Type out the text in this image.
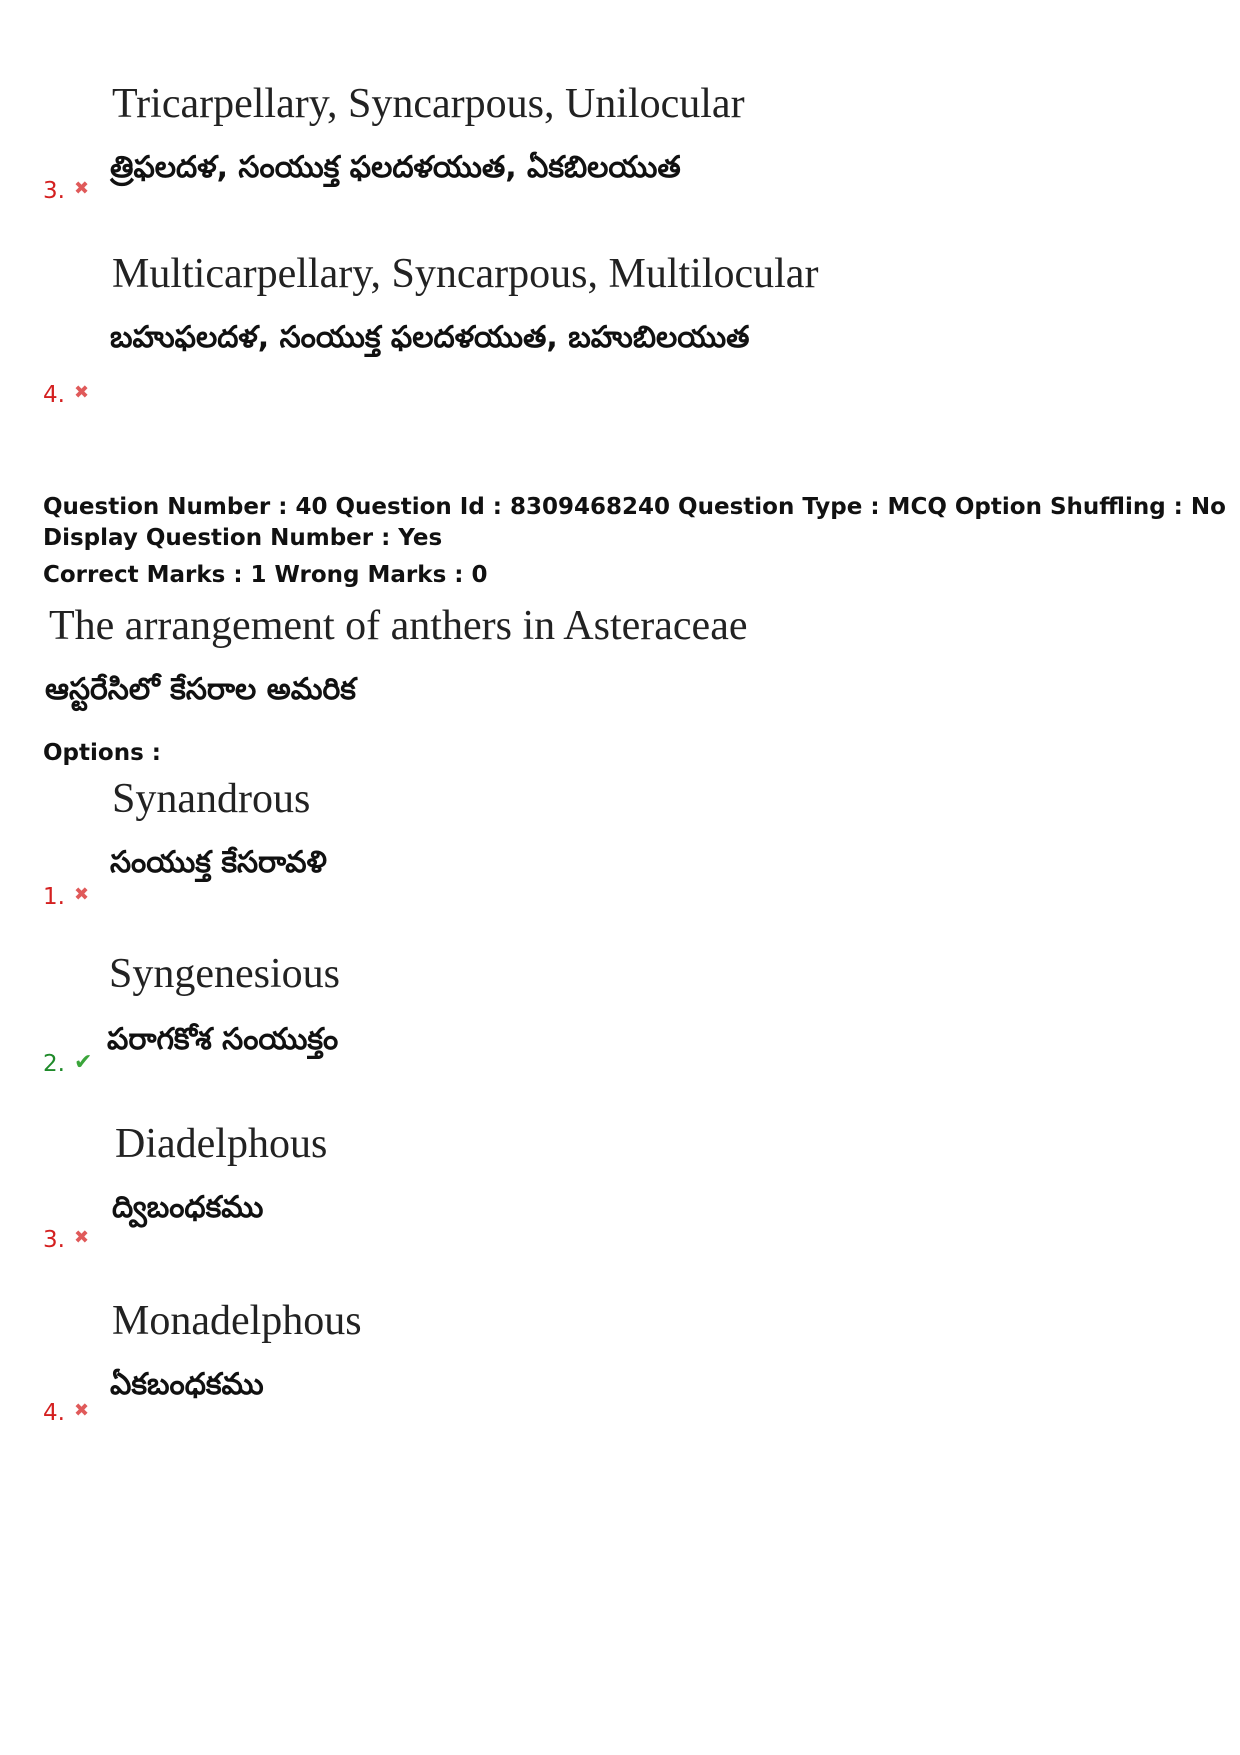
Tricarpellary, Syncarpous, Unilocular
త్రిఫలదళ, సంయుక్త ఫలదళయుత, ఏకబిలయుత
3. ✖
Multicarpellary, Syncarpous, Multilocular
బహుఫలదళ, సంయుక్త ఫలదళయుత, బహుబిలయుత
4. ✖
Question Number : 40 Question Id : 8309468240 Question Type : MCQ Option Shuffling : No
Display Question Number : Yes
Correct Marks : 1 Wrong Marks : 0
The arrangement of anthers in Asteraceae
ఆస్టరేసిలో కేసరాల అమరిక
Options :
Synandrous
సంయుక్త కేసరావళి
1. ✖
Syngenesious
పరాగకోశ సంయుక్తం
2. ✔
Diadelphous
ద్విబంధకము
3. ✖
Monadelphous
ఏకబంధకము
4. ✖
